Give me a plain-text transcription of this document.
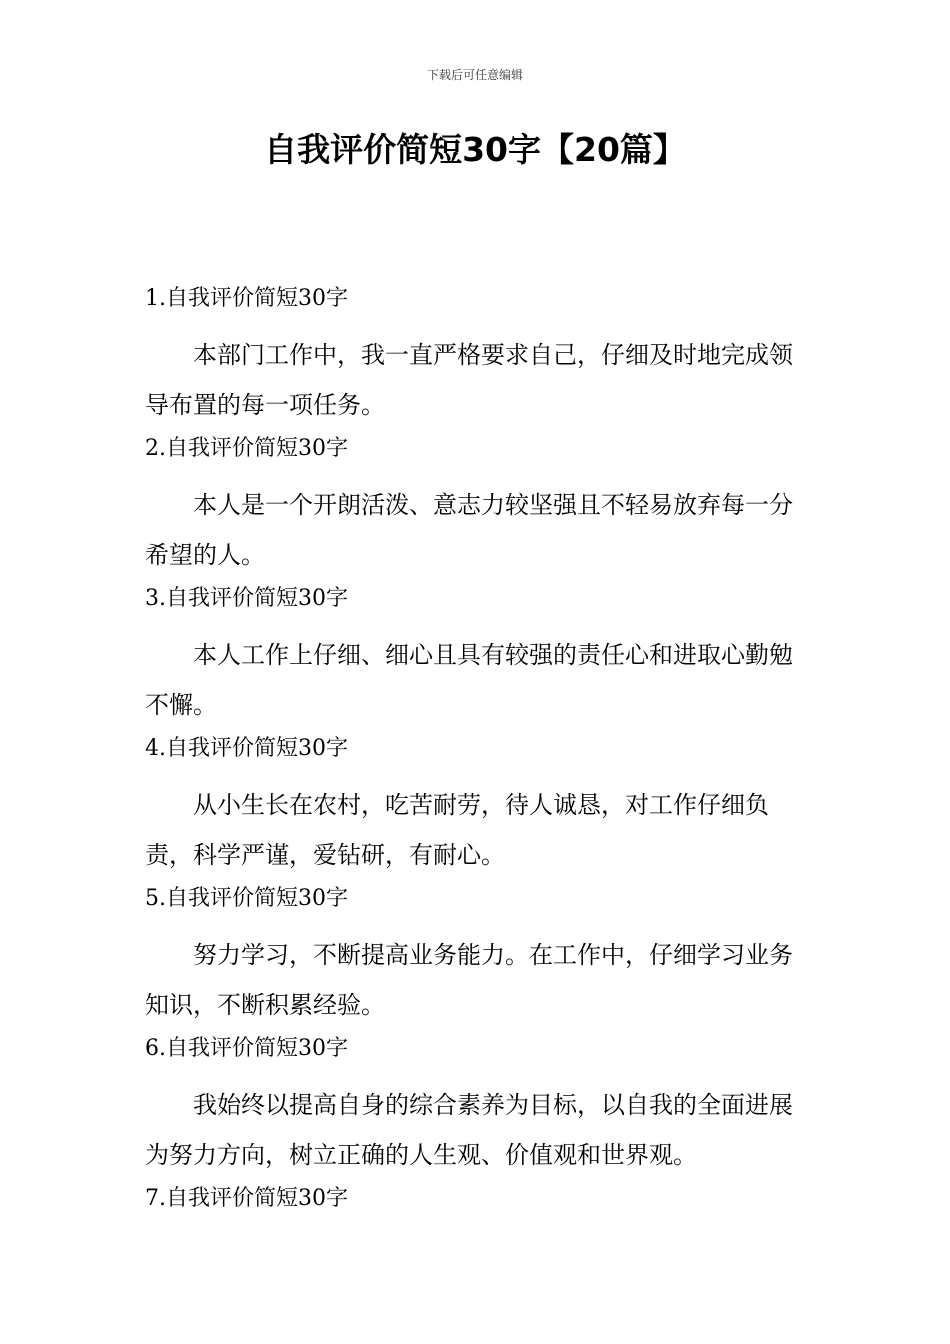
下载后可任意编辑
自我评价简短30字【20篇】
1.自我评价简短30字
本部门工作中，我一直严格要求自己，仔细及时地完成领导布置的每一项任务。
2.自我评价简短30字
本人是一个开朗活泼、意志力较坚强且不轻易放弃每一分希望的人。
3.自我评价简短30字
本人工作上仔细、细心且具有较强的责任心和进取心勤勉不懈。
4.自我评价简短30字
从小生长在农村，吃苦耐劳，待人诚恳，对工作仔细负责，科学严谨，爱钻研，有耐心。
5.自我评价简短30字
努力学习，不断提高业务能力。在工作中，仔细学习业务知识，不断积累经验。
6.自我评价简短30字
我始终以提高自身的综合素养为目标，以自我的全面进展为努力方向，树立正确的人生观、价值观和世界观。
7.自我评价简短30字
